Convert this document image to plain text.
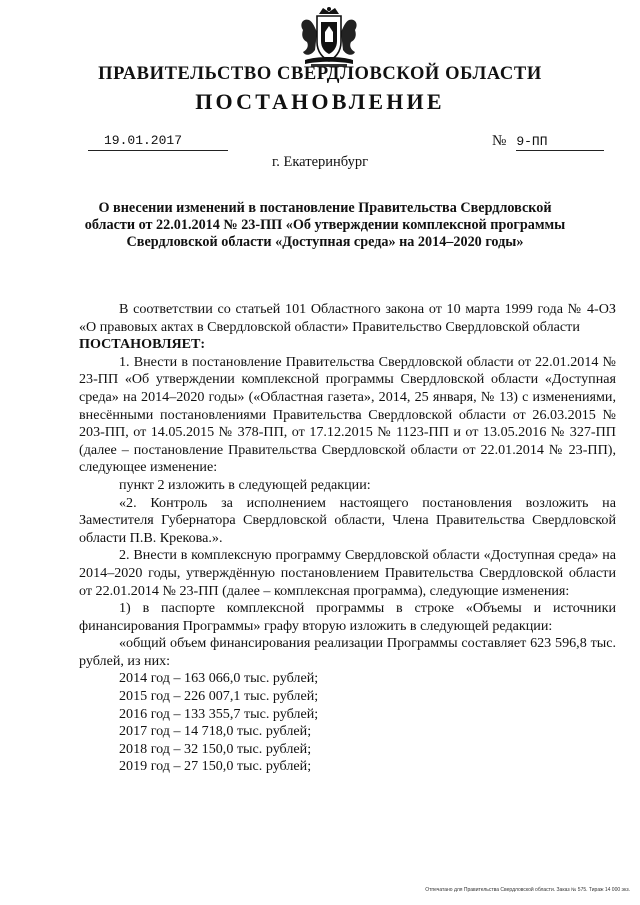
ПРАВИТЕЛЬСТВО СВЕРДЛОВСКОЙ ОБЛАСТИ
ПОСТАНОВЛЕНИЕ
19.01.2017	№ 9-ПП
г. Екатеринбург
О внесении изменений в постановление Правительства Свердловской области от 22.01.2014 № 23-ПП «Об утверждении комплексной программы Свердловской области «Доступная среда» на 2014–2020 годы»

В соответствии со статьей 101 Областного закона от 10 марта 1999 года № 4-ОЗ «О правовых актах в Свердловской области» Правительство Свердловской области

ПОСТАНОВЛЯЕТ:

1. Внести в постановление Правительства Свердловской области от 22.01.2014 № 23-ПП «Об утверждении комплексной программы Свердловской области «Доступная среда» на 2014–2020 годы» («Областная газета», 2014, 25 января, № 13) с изменениями, внесёнными постановлениями Правительства Свердловской области от 26.03.2015 № 203-ПП, от 14.05.2015 № 378-ПП, от 17.12.2015 № 1123-ПП и от 13.05.2016 № 327-ПП (далее – постановление Правительства Свердловской области от 22.01.2014 № 23-ПП), следующее изменение:

пункт 2 изложить в следующей редакции:

«2. Контроль за исполнением настоящего постановления возложить на Заместителя Губернатора Свердловской области, Члена Правительства Свердловской области П.В. Крекова.».

2. Внести в комплексную программу Свердловской области «Доступная среда» на 2014–2020 годы, утверждённую постановлением Правительства Свердловской области от 22.01.2014 № 23-ПП (далее – комплексная программа), следующие изменения:

1) в паспорте комплексной программы в строке «Объемы и источники финансирования Программы» графу вторую изложить в следующей редакции:

«общий объем финансирования реализации Программы составляет 623 596,8 тыс. рублей, из них:

2014 год – 163 066,0 тыс. рублей;

2015 год – 226 007,1 тыс. рублей;

2016 год – 133 355,7 тыс. рублей;

2017 год – 14 718,0 тыс. рублей;

2018 год – 32 150,0 тыс. рублей;

2019 год – 27 150,0 тыс. рублей;

Отпечатано для Правительства Свердловской области. Заказ № 575. Тираж 14 000 экз.
